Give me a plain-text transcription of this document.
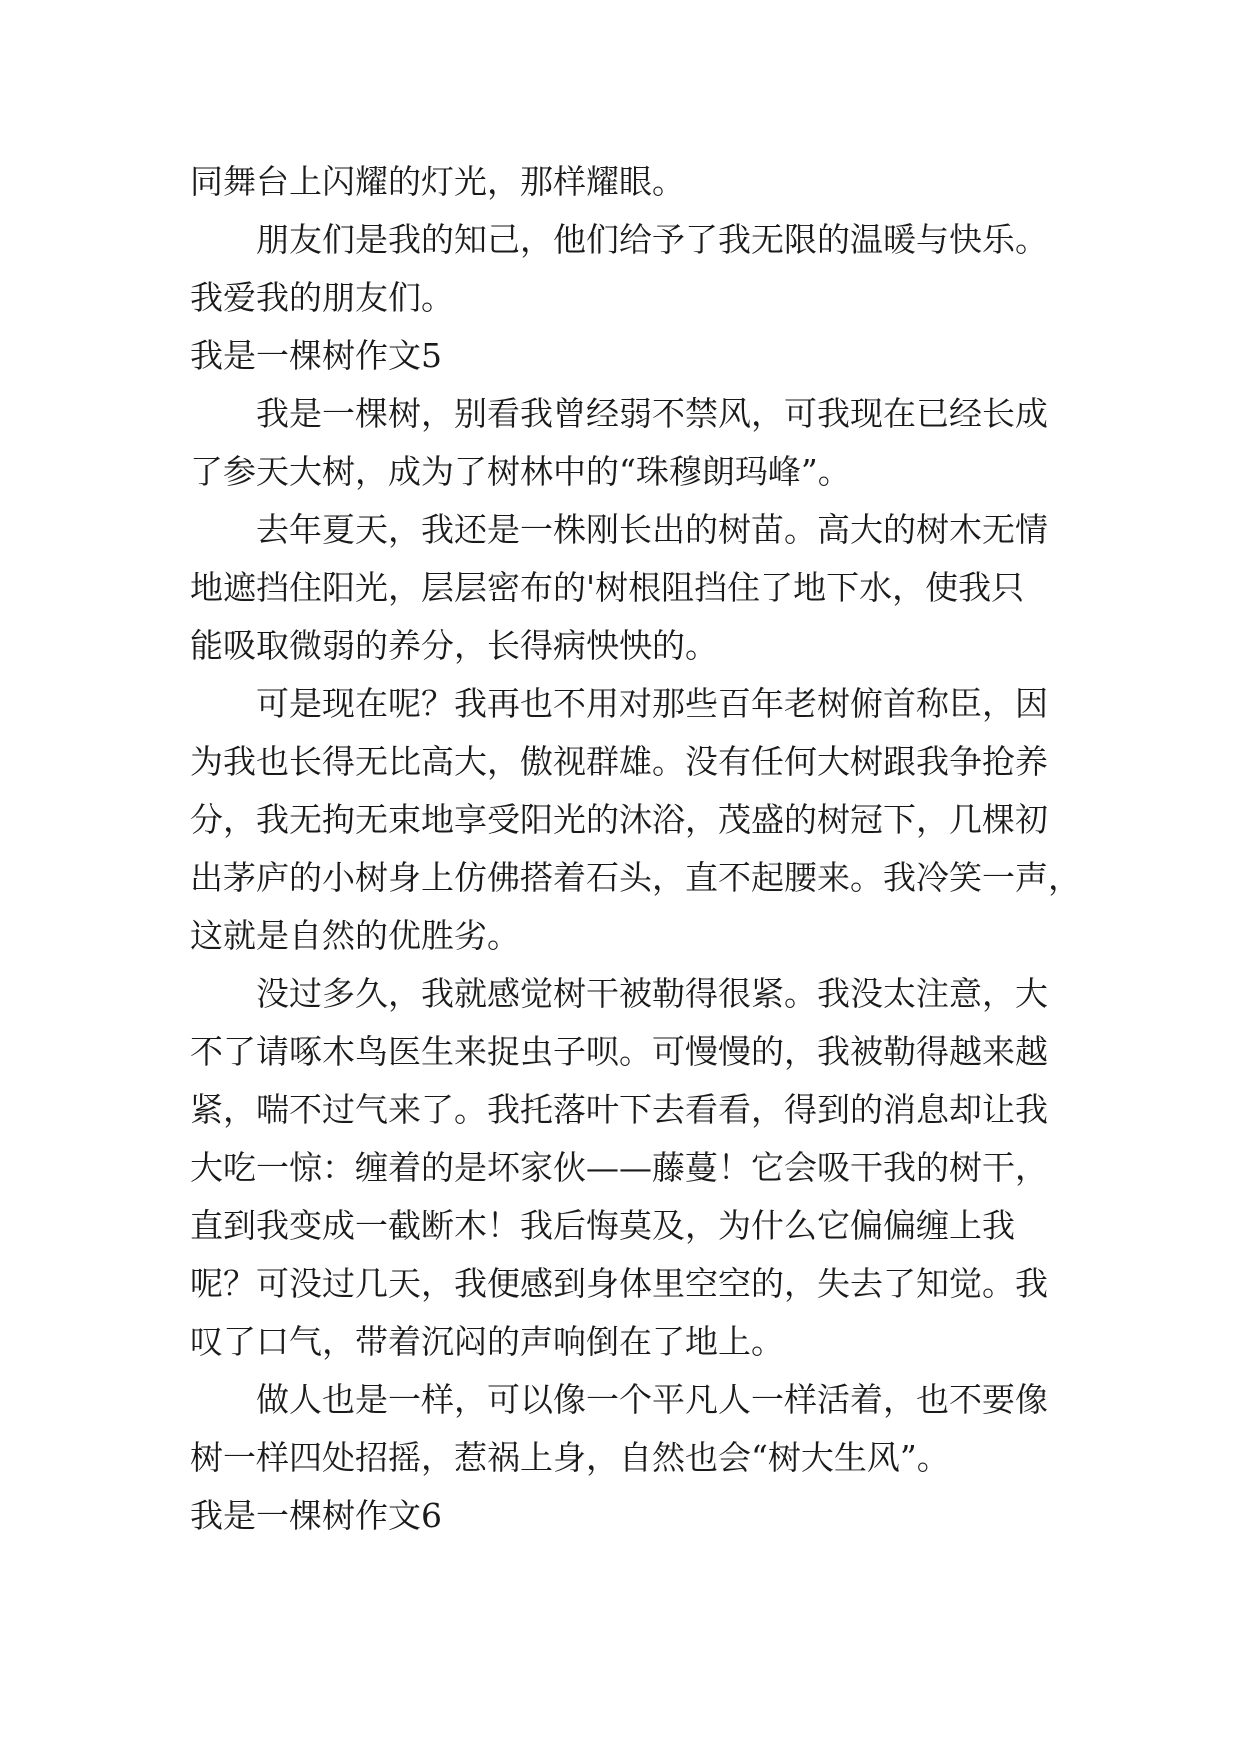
同舞台上闪耀的灯光，那样耀眼。
朋友们是我的知己，他们给予了我无限的温暖与快乐。
我爱我的朋友们。
我是一棵树作文5
我是一棵树，别看我曾经弱不禁风，可我现在已经长成
了参天大树，成为了树林中的“珠穆朗玛峰”。
去年夏天，我还是一株刚长出的树苗。高大的树木无情
地遮挡住阳光，层层密布的'树根阻挡住了地下水，使我只
能吸取微弱的养分，长得病怏怏的。
可是现在呢？我再也不用对那些百年老树俯首称臣，因
为我也长得无比高大，傲视群雄。没有任何大树跟我争抢养
分，我无拘无束地享受阳光的沐浴，茂盛的树冠下，几棵初
出茅庐的小树身上仿佛搭着石头，直不起腰来。我冷笑一声，
这就是自然的优胜劣。
没过多久，我就感觉树干被勒得很紧。我没太注意，大
不了请啄木鸟医生来捉虫子呗。可慢慢的，我被勒得越来越
紧，喘不过气来了。我托落叶下去看看，得到的消息却让我
大吃一惊：缠着的是坏家伙——藤蔓！它会吸干我的树干，
直到我变成一截断木！我后悔莫及，为什么它偏偏缠上我
呢？可没过几天，我便感到身体里空空的，失去了知觉。我
叹了口气，带着沉闷的声响倒在了地上。
做人也是一样，可以像一个平凡人一样活着，也不要像
树一样四处招摇，惹祸上身，自然也会“树大生风”。
我是一棵树作文6
